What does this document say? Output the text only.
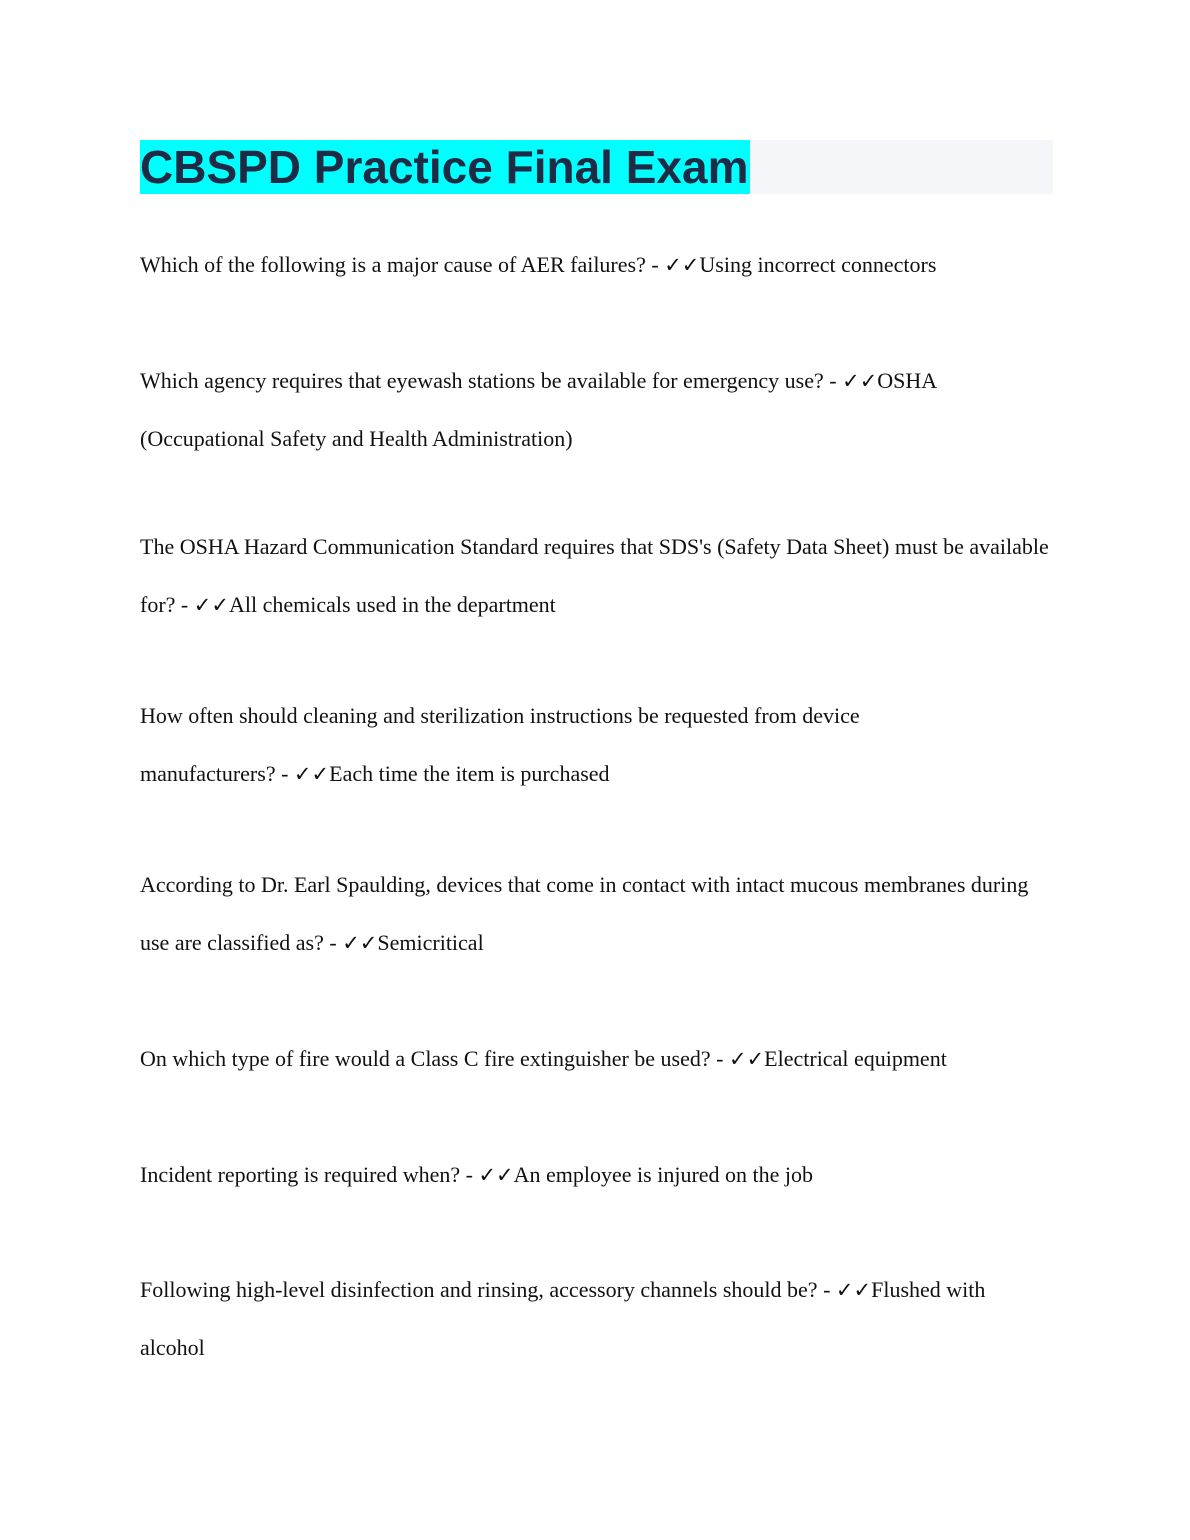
CBSPD Practice Final Exam

Which of the following is a major cause of AER failures? - ✓✓Using incorrect connectors

Which agency requires that eyewash stations be available for emergency use? - ✓✓OSHA (Occupational Safety and Health Administration)

The OSHA Hazard Communication Standard requires that SDS's (Safety Data Sheet) must be available for? - ✓✓All chemicals used in the department

How often should cleaning and sterilization instructions be requested from device manufacturers? - ✓✓Each time the item is purchased

According to Dr. Earl Spaulding, devices that come in contact with intact mucous membranes during use are classified as? - ✓✓Semicritical

On which type of fire would a Class C fire extinguisher be used? - ✓✓Electrical equipment

Incident reporting is required when? - ✓✓An employee is injured on the job

Following high-level disinfection and rinsing, accessory channels should be? - ✓✓Flushed with alcohol
